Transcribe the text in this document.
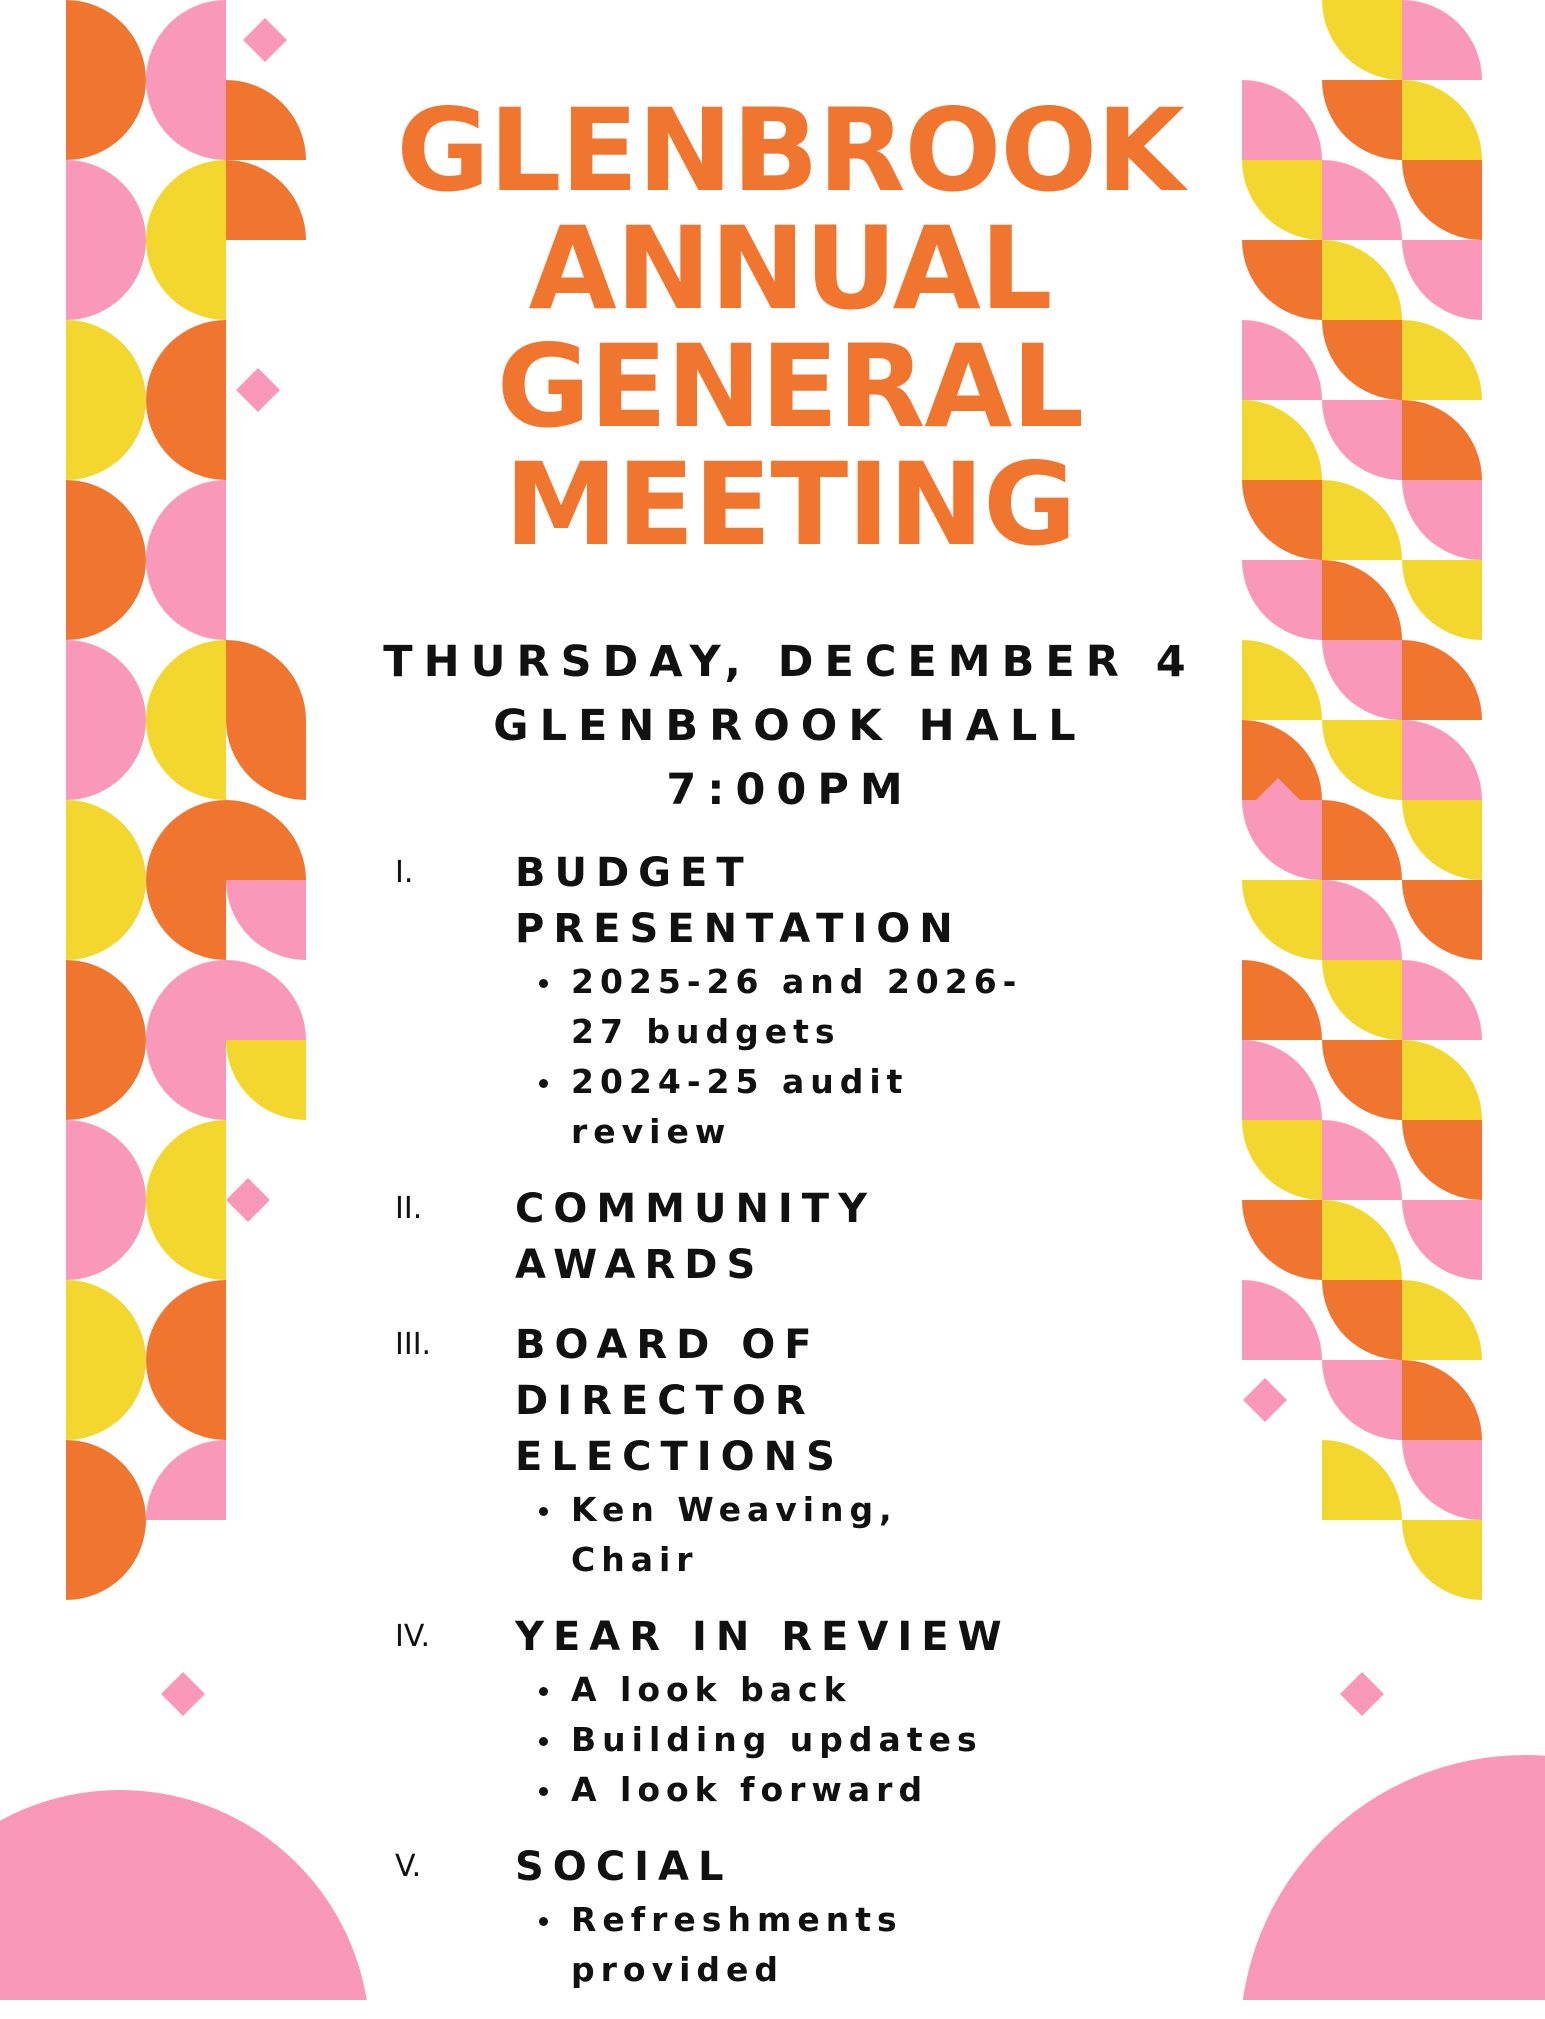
GLENBROOK
ANNUAL
GENERAL
MEETING
THURSDAY, DECEMBER 4
GLENBROOK HALL
7:00PM
I.	BUDGET PRESENTATION
2025-26 and 2026-27 budgets
2024-25 audit review
II. COMMUNITY AWARDS
III. BOARD OF DIRECTOR ELECTIONS
Ken Weaving, Chair
IV. YEAR IN REVIEW
A look back
Building updates
A look forward
V. SOCIAL
Refreshments provided
